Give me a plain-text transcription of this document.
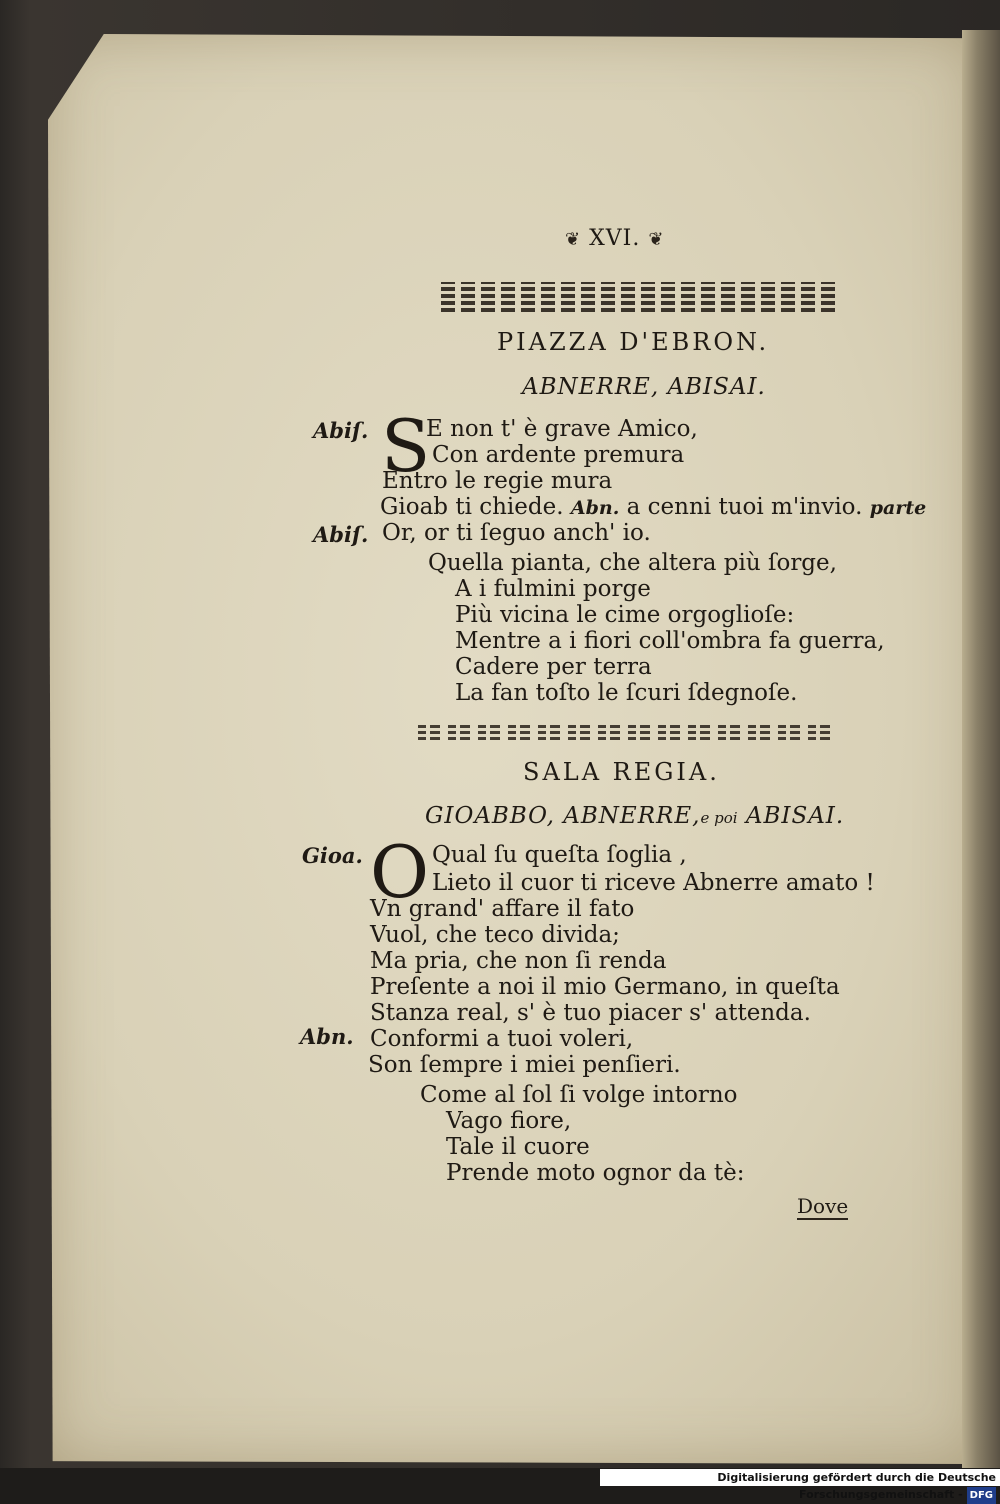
❦ XVI. ❦
PIAZZA D'EBRON.
ABNERRE, ABISAI.
Abiſ. S
E non t' è grave Amico,
Con ardente premura
Entro le regie mura
Gioab ti chiede. Abn. a cenni tuoi m'invio. parte
Abiſ. Or, or ti ſeguo anch' io.
Quella pianta, che altera più ſorge,
A i fulmini porge
Più vicina le cime orgoglioſe:
Mentre a i fiori coll'ombra fa guerra,
Cadere per terra
La fan toſto le ſcuri ſdegnoſe.
SALA REGIA.
GIOABBO, ABNERRE,e poi ABISAI.
Gioa. O Qual ſu queſta ſoglia ,
Lieto il cuor ti riceve Abnerre amato !
Vn grand' affare il fato
Vuol, che teco divida;
Ma pria, che non ſi renda
Preſente a noi il mio Germano, in queſta
Stanza real, s' è tuo piacer s' attenda.
Abn. Conformi a tuoi voleri,
Son ſempre i miei penſieri.
Come al ſol ſi volge intorno
Vago fiore,
Tale il cuore
Prende moto ognor da tè:
Dove
Digitalisierung gefördert durch die Deutsche Forschungsgemeinschaft - DFG
